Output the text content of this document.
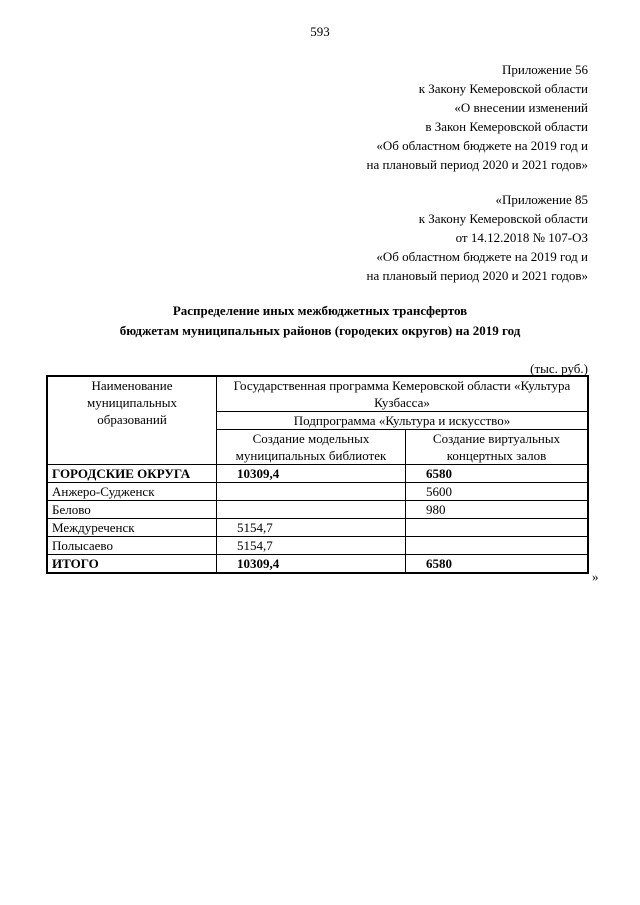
593
Приложение 56
к Закону Кемеровской области
«О внесении изменений
в Закон Кемеровской области
«Об областном бюджете на 2019 год и
на плановый период 2020 и 2021 годов»
«Приложение 85
к Закону Кемеровской области
от 14.12.2018 № 107-ОЗ
«Об областном бюджете на 2019 год и
на плановый период 2020 и 2021 годов»
Распределение иных межбюджетных трансфертов
бюджетам муниципальных районов (городеких округов) на 2019 год
(тыс. руб.)
Наименование муниципальных образований	Государственная программа Кемеровской области «Культура Кузбасса»	
	Подпрограмма «Культура и искусство»	
	Создание модельных муниципальных библиотек	Создание виртуальных концертных залов
ГОРОДСКИЕ ОКРУГА	10309,4	6580
Анжеро-Судженск		5600
Белово		980
Междуреченск	5154,7	
Полысаево	5154,7	
ИТОГО	10309,4	6580
»
